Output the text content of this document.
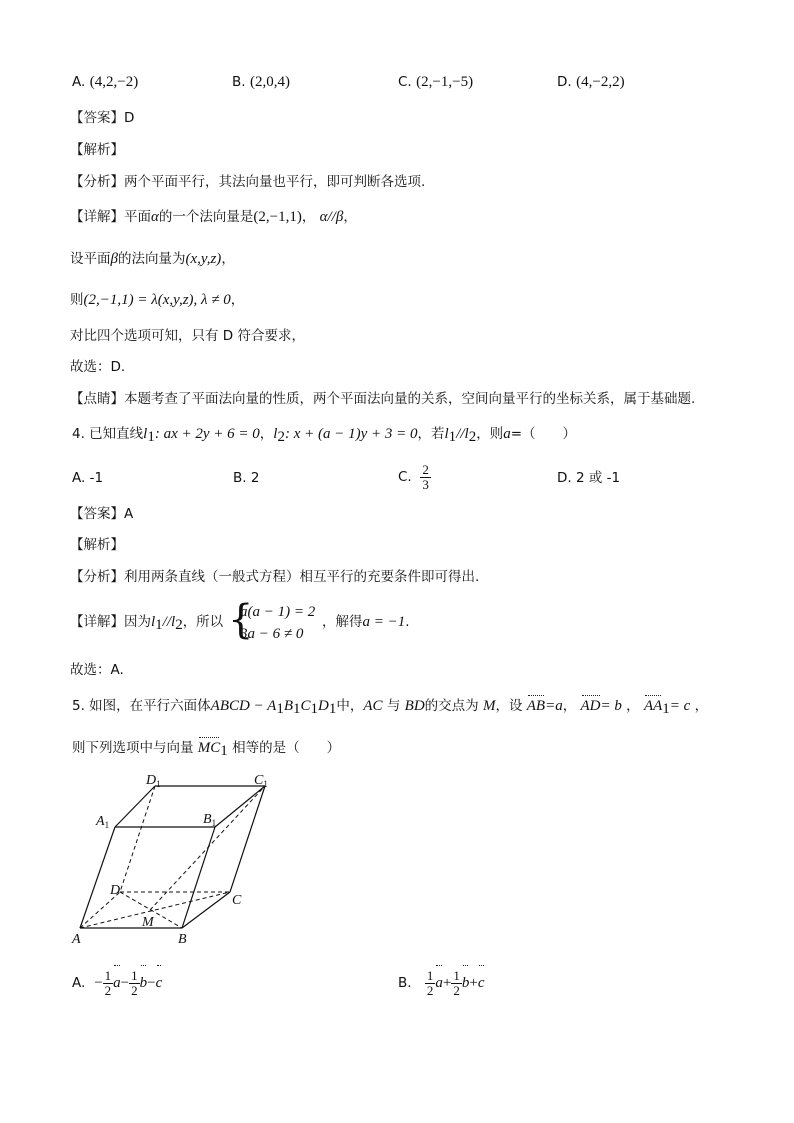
A. (4,2,−2)	B. (2,0,4)	C. (2,−1,−5)	D. (4,−2,2)
【答案】D
【解析】
【分析】两个平面平行，其法向量也平行，即可判断各选项.
【详解】平面α的一个法向量是(2,−1,1)， α//β，
设平面β的法向量为(x,y,z)，
则(2,−1,1) = λ(x,y,z), λ ≠ 0，
对比四个选项可知，只有 D 符合要求，
故选：D.
【点睛】本题考查了平面法向量的性质，两个平面法向量的关系，空间向量平行的坐标关系，属于基础题.
4. 已知直线$l_1$: ax + 2y + 6 = 0，$l_2$: x + (a − 1)y + 3 = 0，若$l_1//l_2$，则a=（　　）
A. -1	B. 2	C. $\frac{2}{3}$	D. 2 或 -1
【答案】A
【解析】
【分析】利用两条直线（一般式方程）相互平行的充要条件即可得出.
【详解】因为$l_1//l_2$，所以 {
a(a − 1) = 2
3a − 6 ≠ 0
，解得a = −1.
故选：A.
5. 如图，在平行六面体ABCD − $A_1B_1C_1D_1$中，AC 与 BD的交点为 M，设 AB=a， AD= b ， $AA_1= c$ ，
则下列选项中与向量 $MC_1$ 相等的是（　　）
$D_1$	$C_1$
$A_1$	$B_1$
D
C
M
A	B
A. − $\frac{1}{2} a- \frac{1}{2} b-c$	B. $\frac{1}{2} a+ \frac{1}{2} b+c$
